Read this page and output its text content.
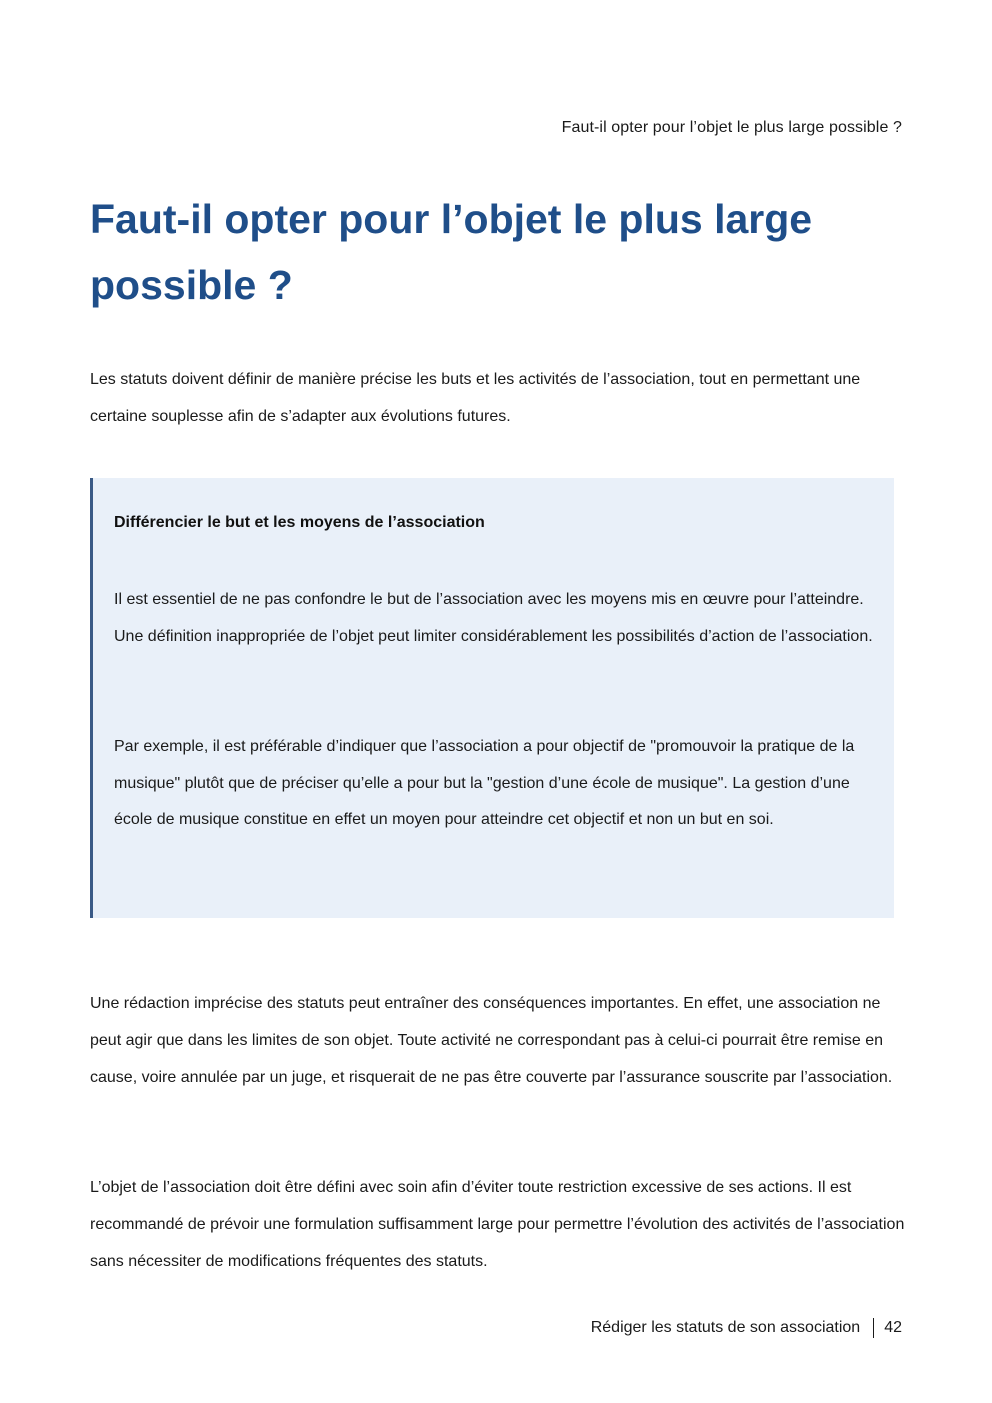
Faut-il opter pour l’objet le plus large possible ?
Faut-il opter pour l’objet le plus large possible ?

Les statuts doivent définir de manière précise les buts et les activités de l’association, tout en permettant une certaine souplesse afin de s’adapter aux évolutions futures.

Différencier le but et les moyens de l’association

Il est essentiel de ne pas confondre le but de l’association avec les moyens mis en œuvre pour l’atteindre. Une définition inappropriée de l’objet peut limiter considérablement les possibilités d’action de l’association.

Par exemple, il est préférable d’indiquer que l’association a pour objectif de "promouvoir la pratique de la musique" plutôt que de préciser qu’elle a pour but la "gestion d’une école de musique". La gestion d’une école de musique constitue en effet un moyen pour atteindre cet objectif et non un but en soi.

Une rédaction imprécise des statuts peut entraîner des conséquences importantes. En effet, une association ne peut agir que dans les limites de son objet. Toute activité ne correspondant pas à celui-ci pourrait être remise en cause, voire annulée par un juge, et risquerait de ne pas être couverte par l’assurance souscrite par l’association.

L’objet de l’association doit être défini avec soin afin d’éviter toute restriction excessive de ses actions. Il est recommandé de prévoir une formulation suffisamment large pour permettre l’évolution des activités de l’association sans nécessiter de modifications fréquentes des statuts.

Rédiger les statuts de son association 42
